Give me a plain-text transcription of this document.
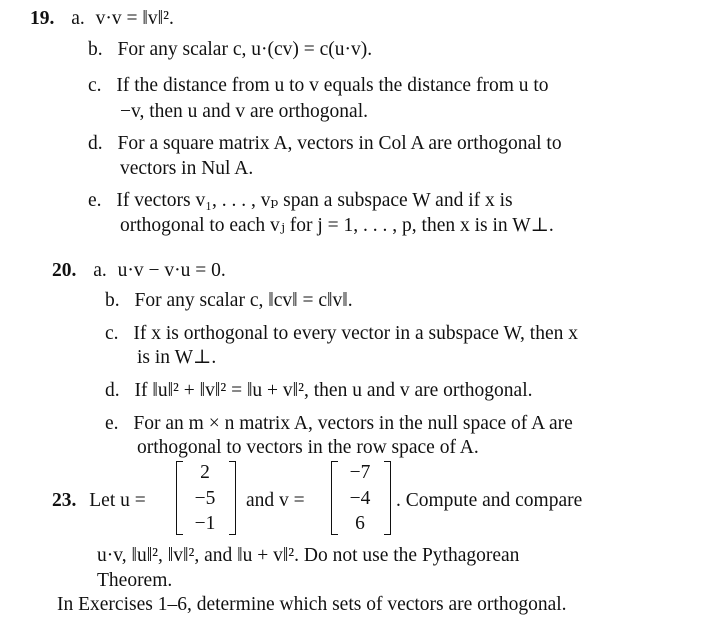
19. a. v·v = ‖v‖².
b. For any scalar c, u·(cv) = c(u·v).
c. If the distance from u to v equals the distance from u to
−v, then u and v are orthogonal.
d. For a square matrix A, vectors in Col A are orthogonal to
vectors in Nul A.
e. If vectors v₁, . . . , vₚ span a subspace W and if x is
orthogonal to each vⱼ for j = 1, . . . , p, then x is in W⊥.
20. a. u·v − v·u = 0.
b. For any scalar c, ‖cv‖ = c‖v‖.
c. If x is orthogonal to every vector in a subspace W, then x
is in W⊥.
d. If ‖u‖² + ‖v‖² = ‖u + v‖², then u and v are orthogonal.
e. For an m × n matrix A, vectors in the null space of A are
orthogonal to vectors in the row space of A.
23. Let u =
2
−5
−1
and v =
−7
−4
6
. Compute and compare
u·v, ‖u‖², ‖v‖², and ‖u + v‖². Do not use the Pythagorean
Theorem.
In Exercises 1–6, determine which sets of vectors are orthogonal.
